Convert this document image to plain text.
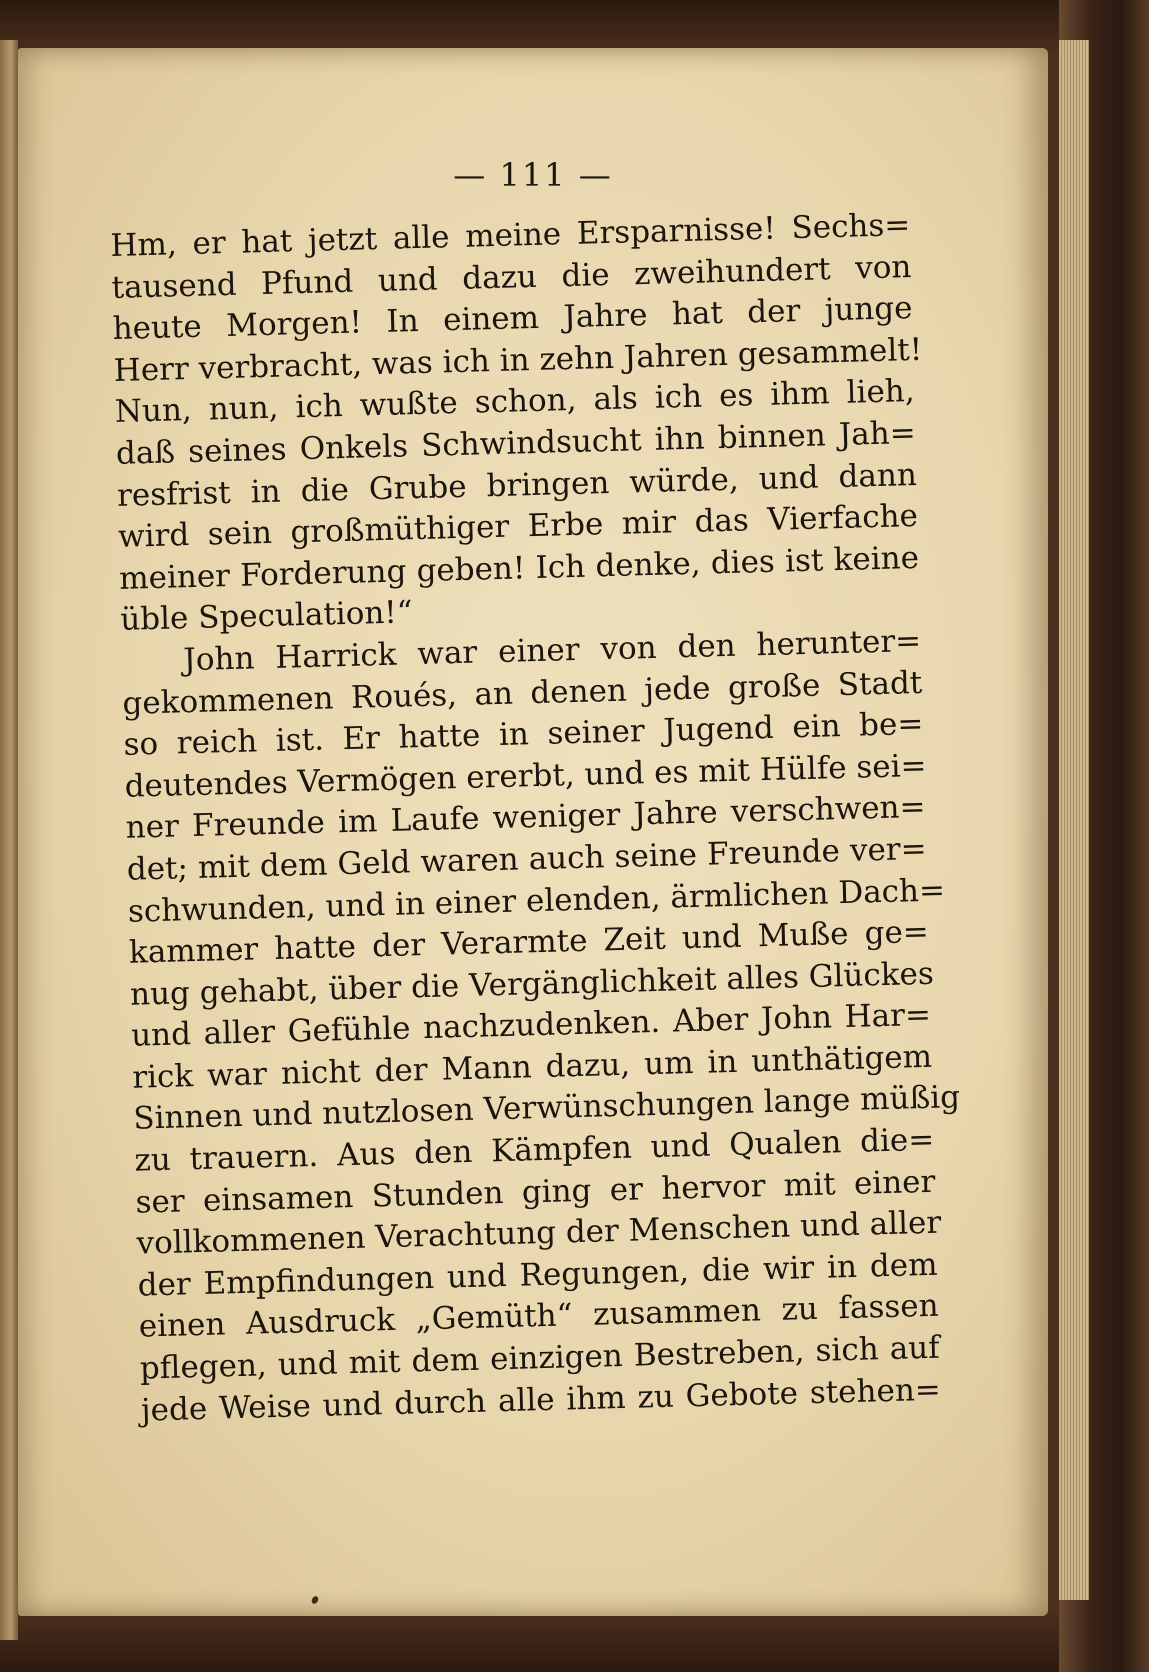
— 111 —
Hm, er hat jetzt alle meine Ersparnisse! Sechs=
tausend Pfund und dazu die zweihundert von
heute Morgen! In einem Jahre hat der junge
Herr verbracht, was ich in zehn Jahren gesammelt!
Nun, nun, ich wußte schon, als ich es ihm lieh,
daß seines Onkels Schwindsucht ihn binnen Jah=
resfrist in die Grube bringen würde, und dann
wird sein großmüthiger Erbe mir das Vierfache
meiner Forderung geben! Ich denke, dies ist keine
üble Speculation!“
John Harrick war einer von den herunter=
gekommenen Roués, an denen jede große Stadt
so reich ist. Er hatte in seiner Jugend ein be=
deutendes Vermögen ererbt, und es mit Hülfe sei=
ner Freunde im Laufe weniger Jahre verschwen=
det; mit dem Geld waren auch seine Freunde ver=
schwunden, und in einer elenden, ärmlichen Dach=
kammer hatte der Verarmte Zeit und Muße ge=
nug gehabt, über die Vergänglichkeit alles Glückes
und aller Gefühle nachzudenken. Aber John Har=
rick war nicht der Mann dazu, um in unthätigem
Sinnen und nutzlosen Verwünschungen lange müßig
zu trauern. Aus den Kämpfen und Qualen die=
ser einsamen Stunden ging er hervor mit einer
vollkommenen Verachtung der Menschen und aller
der Empfindungen und Regungen, die wir in dem
einen Ausdruck „Gemüth“ zusammen zu fassen
pflegen, und mit dem einzigen Bestreben, sich auf
jede Weise und durch alle ihm zu Gebote stehen=
